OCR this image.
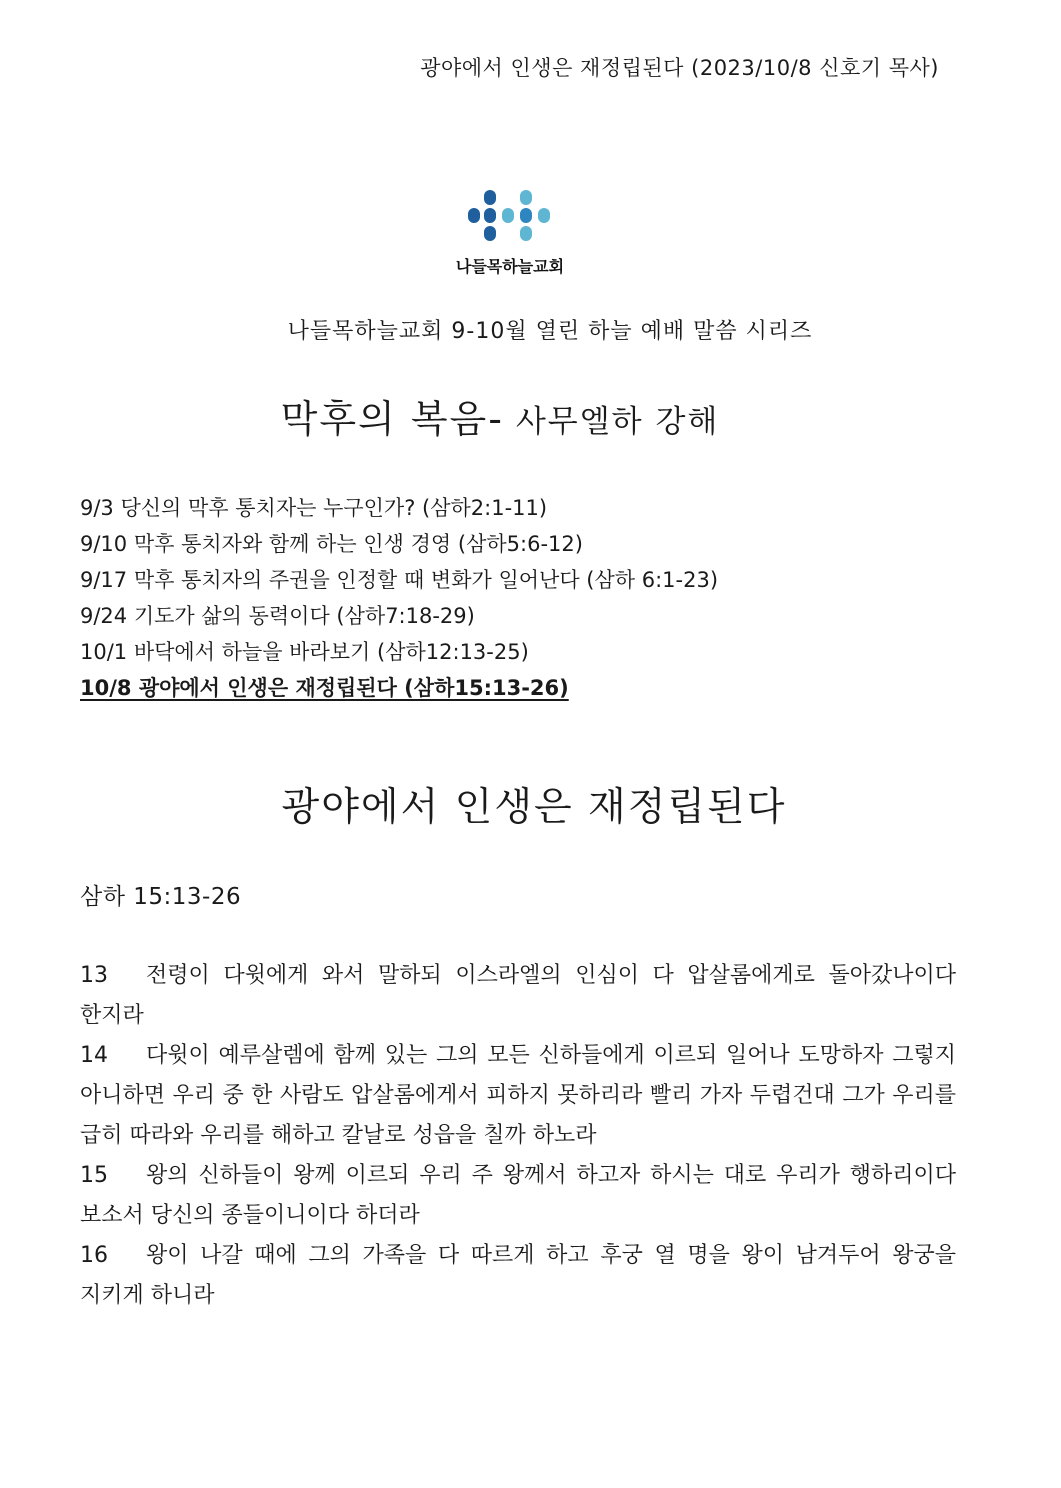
광야에서 인생은 재정립된다 (2023/10/8 신호기 목사)
나들목하늘교회
나들목하늘교회 9-10월 열린 하늘 예배 말씀 시리즈
막후의 복음- 사무엘하 강해
9/3 당신의 막후 통치자는 누구인가? (삼하2:1-11)
9/10 막후 통치자와 함께 하는 인생 경영 (삼하5:6-12)
9/17 막후 통치자의 주권을 인정할 때 변화가 일어난다 (삼하 6:1-23)
9/24 기도가 삶의 동력이다 (삼하7:18-29)
10/1 바닥에서 하늘을 바라보기 (삼하12:13-25)
10/8 광야에서 인생은 재정립된다 (삼하15:13-26)
광야에서 인생은 재정립된다
삼하 15:13-26

13 전령이 다윗에게 와서 말하되 이스라엘의 인심이 다 압살롬에게로 돌아갔나이다 한지라

14 다윗이 예루살렘에 함께 있는 그의 모든 신하들에게 이르되 일어나 도망하자 그렇지 아니하면 우리 중 한 사람도 압살롬에게서 피하지 못하리라 빨리 가자 두렵건대 그가 우리를 급히 따라와 우리를 해하고 칼날로 성읍을 칠까 하노라

15 왕의 신하들이 왕께 이르되 우리 주 왕께서 하고자 하시는 대로 우리가 행하리이다 보소서 당신의 종들이니이다 하더라

16 왕이 나갈 때에 그의 가족을 다 따르게 하고 후궁 열 명을 왕이 남겨두어 왕궁을 지키게 하니라
